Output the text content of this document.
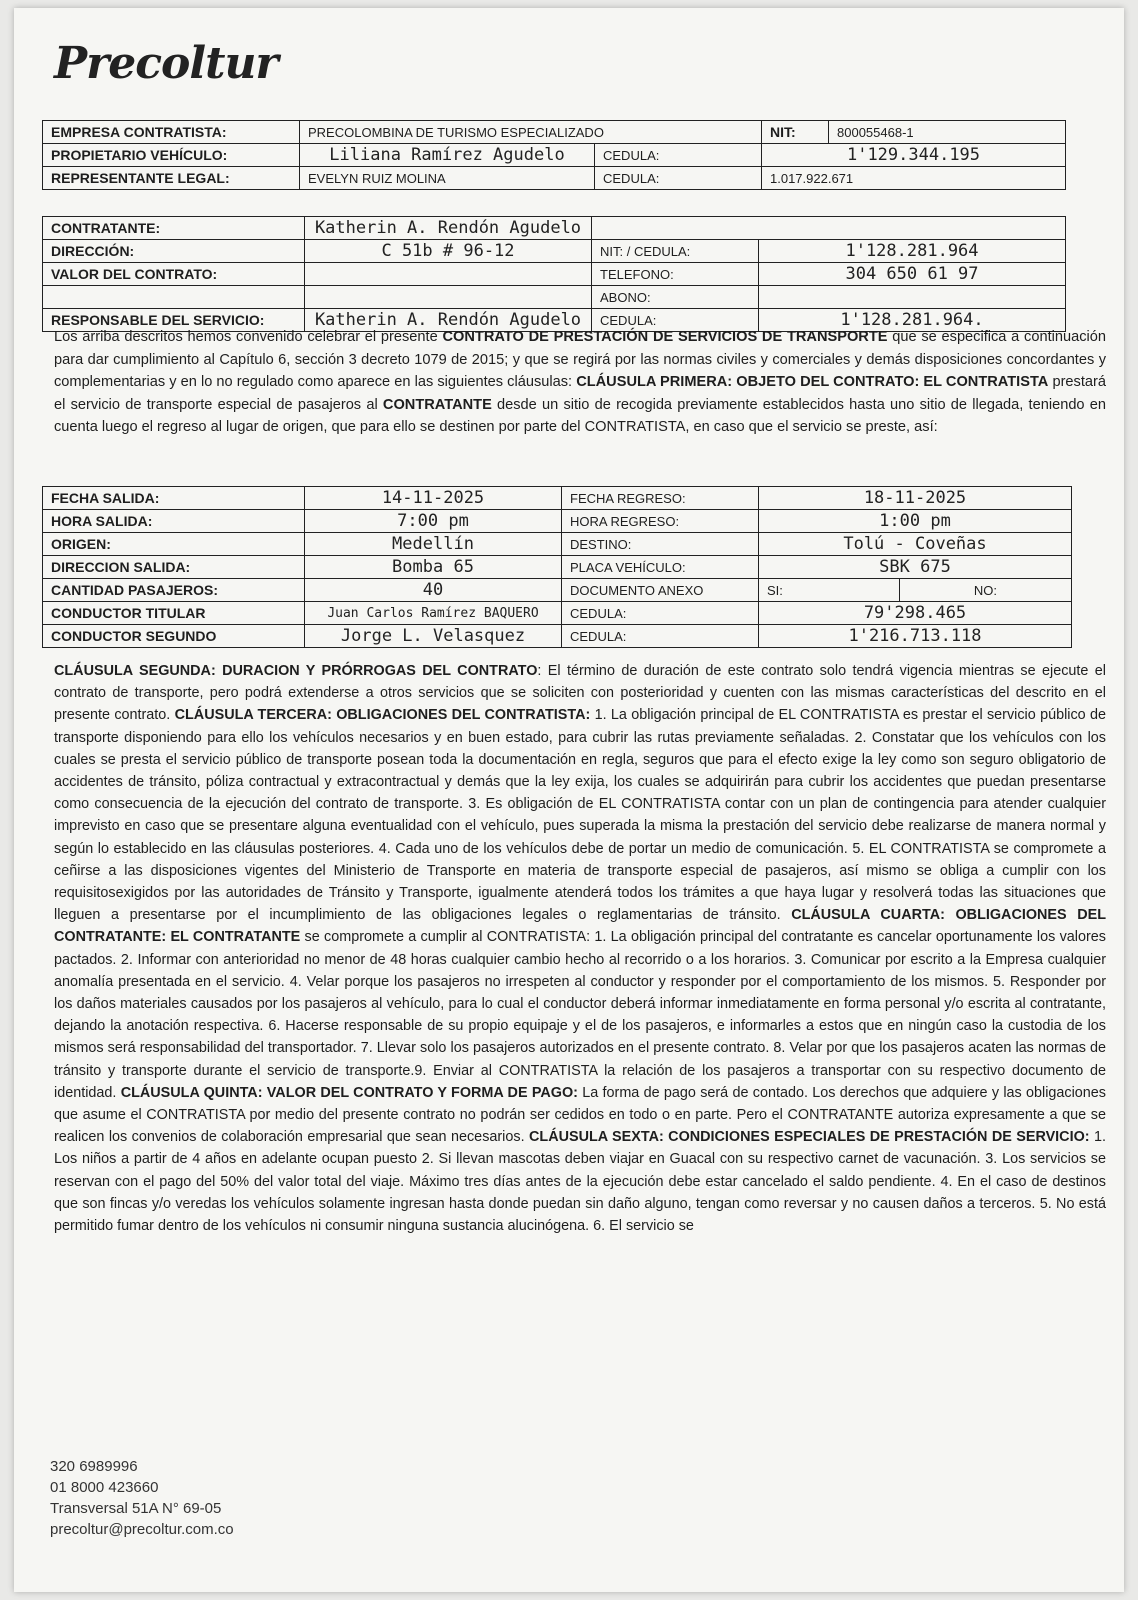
Precoltur
EMPRESA CONTRATISTA:	PRECOLOMBINA DE TURISMO ESPECIALIZADO		NIT:	800055468-1
PROPIETARIO VEHÍCULO:	Liliana Ramírez Agudelo	CEDULA:	1'129.344.195	
REPRESENTANTE LEGAL:	EVELYN RUIZ MOLINA	CEDULA:	1.017.922.671	
CONTRATANTE:	Katherin A. Rendón Agudelo		
DIRECCIÓN:	C 51b # 96-12	NIT: / CEDULA:	1'128.281.964
VALOR DEL CONTRATO:		TELEFONO:	304 650 61 97
		ABONO:	
RESPONSABLE DEL SERVICIO:	Katherin A. Rendón Agudelo	CEDULA:	1'128.281.964.

Los arriba descritos hemos convenido celebrar el presente CONTRATO DE PRESTACIÓN DE SERVICIOS DE TRANSPORTE que se especifica a continuación para dar cumplimiento al Capítulo 6, sección 3 decreto 1079 de 2015; y que se regirá por las normas civiles y comerciales y demás disposiciones concordantes y complementarias y en lo no regulado como aparece en las siguientes cláusulas: CLÁUSULA PRIMERA: OBJETO DEL CONTRATO: EL CONTRATISTA prestará el servicio de transporte especial de pasajeros al CONTRATANTE desde un sitio de recogida previamente establecidos hasta uno sitio de llegada, teniendo en cuenta luego el regreso al lugar de origen, que para ello se destinen por parte del CONTRATISTA, en caso que el servicio se preste, así:

FECHA SALIDA:	14-11-2025	FECHA REGRESO:	18-11-2025	
HORA SALIDA:	7:00 pm	HORA REGRESO:	1:00 pm	
ORIGEN:	Medellín	DESTINO:	Tolú - Coveñas	
DIRECCION SALIDA:	Bomba 65	PLACA VEHÍCULO:	SBK 675	
CANTIDAD PASAJEROS:	40	DOCUMENTO ANEXO	SI:	NO:
CONDUCTOR TITULAR	Juan Carlos Ramírez BAQUERO	CEDULA:	79'298.465	
CONDUCTOR SEGUNDO	Jorge L. Velasquez	CEDULA:	1'216.713.118	

CLÁUSULA SEGUNDA: DURACION Y PRÓRROGAS DEL CONTRATO: El término de duración de este contrato solo tendrá vigencia mientras se ejecute el contrato de transporte, pero podrá extenderse a otros servicios que se soliciten con posterioridad y cuenten con las mismas características del descrito en el presente contrato. CLÁUSULA TERCERA: OBLIGACIONES DEL CONTRATISTA: 1. La obligación principal de EL CONTRATISTA es prestar el servicio público de transporte disponiendo para ello los vehículos necesarios y en buen estado, para cubrir las rutas previamente señaladas. 2. Constatar que los vehículos con los cuales se presta el servicio público de transporte posean toda la documentación en regla, seguros que para el efecto exige la ley como son seguro obligatorio de accidentes de tránsito, póliza contractual y extracontractual y demás que la ley exija, los cuales se adquirirán para cubrir los accidentes que puedan presentarse como consecuencia de la ejecución del contrato de transporte. 3. Es obligación de EL CONTRATISTA contar con un plan de contingencia para atender cualquier imprevisto en caso que se presentare alguna eventualidad con el vehículo, pues superada la misma la prestación del servicio debe realizarse de manera normal y según lo establecido en las cláusulas posteriores. 4. Cada uno de los vehículos debe de portar un medio de comunicación. 5. EL CONTRATISTA se compromete a ceñirse a las disposiciones vigentes del Ministerio de Transporte en materia de transporte especial de pasajeros, así mismo se obliga a cumplir con los requisitosexigidos por las autoridades de Tránsito y Transporte, igualmente atenderá todos los trámites a que haya lugar y resolverá todas las situaciones que lleguen a presentarse por el incumplimiento de las obligaciones legales o reglamentarias de tránsito. CLÁUSULA CUARTA: OBLIGACIONES DEL CONTRATANTE: EL CONTRATANTE se compromete a cumplir al CONTRATISTA: 1. La obligación principal del contratante es cancelar oportunamente los valores pactados. 2. Informar con anterioridad no menor de 48 horas cualquier cambio hecho al recorrido o a los horarios. 3. Comunicar por escrito a la Empresa cualquier anomalía presentada en el servicio. 4. Velar porque los pasajeros no irrespeten al conductor y responder por el comportamiento de los mismos. 5. Responder por los daños materiales causados por los pasajeros al vehículo, para lo cual el conductor deberá informar inmediatamente en forma personal y/o escrita al contratante, dejando la anotación respectiva. 6. Hacerse responsable de su propio equipaje y el de los pasajeros, e informarles a estos que en ningún caso la custodia de los mismos será responsabilidad del transportador. 7. Llevar solo los pasajeros autorizados en el presente contrato. 8. Velar por que los pasajeros acaten las normas de tránsito y transporte durante el servicio de transporte.9. Enviar al CONTRATISTA la relación de los pasajeros a transportar con su respectivo documento de identidad. CLÁUSULA QUINTA: VALOR DEL CONTRATO Y FORMA DE PAGO: La forma de pago será de contado. Los derechos que adquiere y las obligaciones que asume el CONTRATISTA por medio del presente contrato no podrán ser cedidos en todo o en parte. Pero el CONTRATANTE autoriza expresamente a que se realicen los convenios de colaboración empresarial que sean necesarios. CLÁUSULA SEXTA: CONDICIONES ESPECIALES DE PRESTACIÓN DE SERVICIO: 1. Los niños a partir de 4 años en adelante ocupan puesto 2. Si llevan mascotas deben viajar en Guacal con su respectivo carnet de vacunación. 3. Los servicios se reservan con el pago del 50% del valor total del viaje. Máximo tres días antes de la ejecución debe estar cancelado el saldo pendiente. 4. En el caso de destinos que son fincas y/o veredas los vehículos solamente ingresan hasta donde puedan sin daño alguno, tengan como reversar y no causen daños a terceros. 5. No está permitido fumar dentro de los vehículos ni consumir ninguna sustancia alucinógena. 6. El servicio se

320 6989996
01 8000 423660
Transversal 51A N° 69-05
precoltur@precoltur.com.co
